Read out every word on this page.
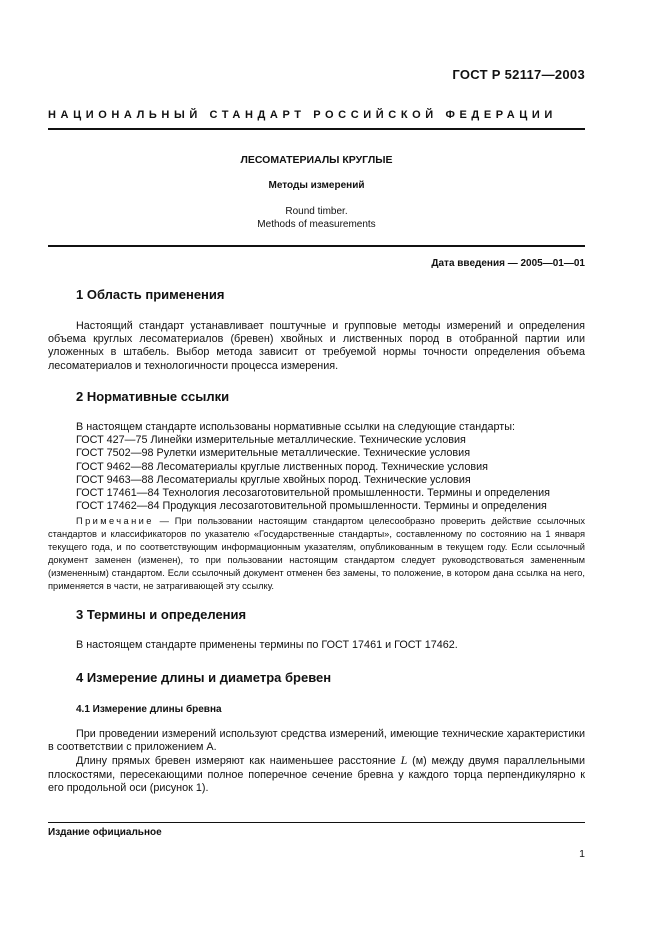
ГОСТ Р 52117—2003
НАЦИОНАЛЬНЫЙ СТАНДАРТ РОССИЙСКОЙ ФЕДЕРАЦИИ
ЛЕСОМАТЕРИАЛЫ КРУГЛЫЕ
Методы измерений
Round timber.
Methods of measurements
Дата введения — 2005—01—01
1 Область применения

Настоящий стандарт устанавливает поштучные и групповые методы измерений и определения объема круглых лесоматериалов (бревен) хвойных и лиственных пород в отобранной партии или уложенных в штабель. Выбор метода зависит от требуемой нормы точности определения объема лесоматериалов и технологичности процесса измерения.

2 Нормативные ссылки
В настоящем стандарте использованы нормативные ссылки на следующие стандарты:
ГОСТ 427—75 Линейки измерительные металлические. Технические условия
ГОСТ 7502—98 Рулетки измерительные металлические. Технические условия
ГОСТ 9462—88 Лесоматериалы круглые лиственных пород. Технические условия
ГОСТ 9463—88 Лесоматериалы круглые хвойных пород. Технические условия
ГОСТ 17461—84 Технология лесозаготовительной промышленности. Термины и определения
ГОСТ 17462—84 Продукция лесозаготовительной промышленности. Термины и определения
Примечание — При пользовании настоящим стандартом целесообразно проверить действие ссылочных стандартов и классификаторов по указателю «Государственные стандарты», составленному по состоянию на 1 января текущего года, и по соответствующим информационным указателям, опубликованным в текущем году. Если ссылочный документ заменен (изменен), то при пользовании настоящим стандартом следует руководствоваться замененным (измененным) стандартом. Если ссылочный документ отменен без замены, то положение, в котором дана ссылка на него, применяется в части, не затрагивающей эту ссылку.
3 Термины и определения

В настоящем стандарте применены термины по ГОСТ 17461 и ГОСТ 17462.

4 Измерение длины и диаметра бревен
4.1 Измерение длины бревна

При проведении измерений используют средства измерений, имеющие технические характеристики в соответствии с приложением А.

Длину прямых бревен измеряют как наименьшее расстояние L (м) между двумя параллельными плоскостями, пересекающими полное поперечное сечение бревна у каждого торца перпендикулярно к его продольной оси (рисунок 1).

Издание официальное
1
